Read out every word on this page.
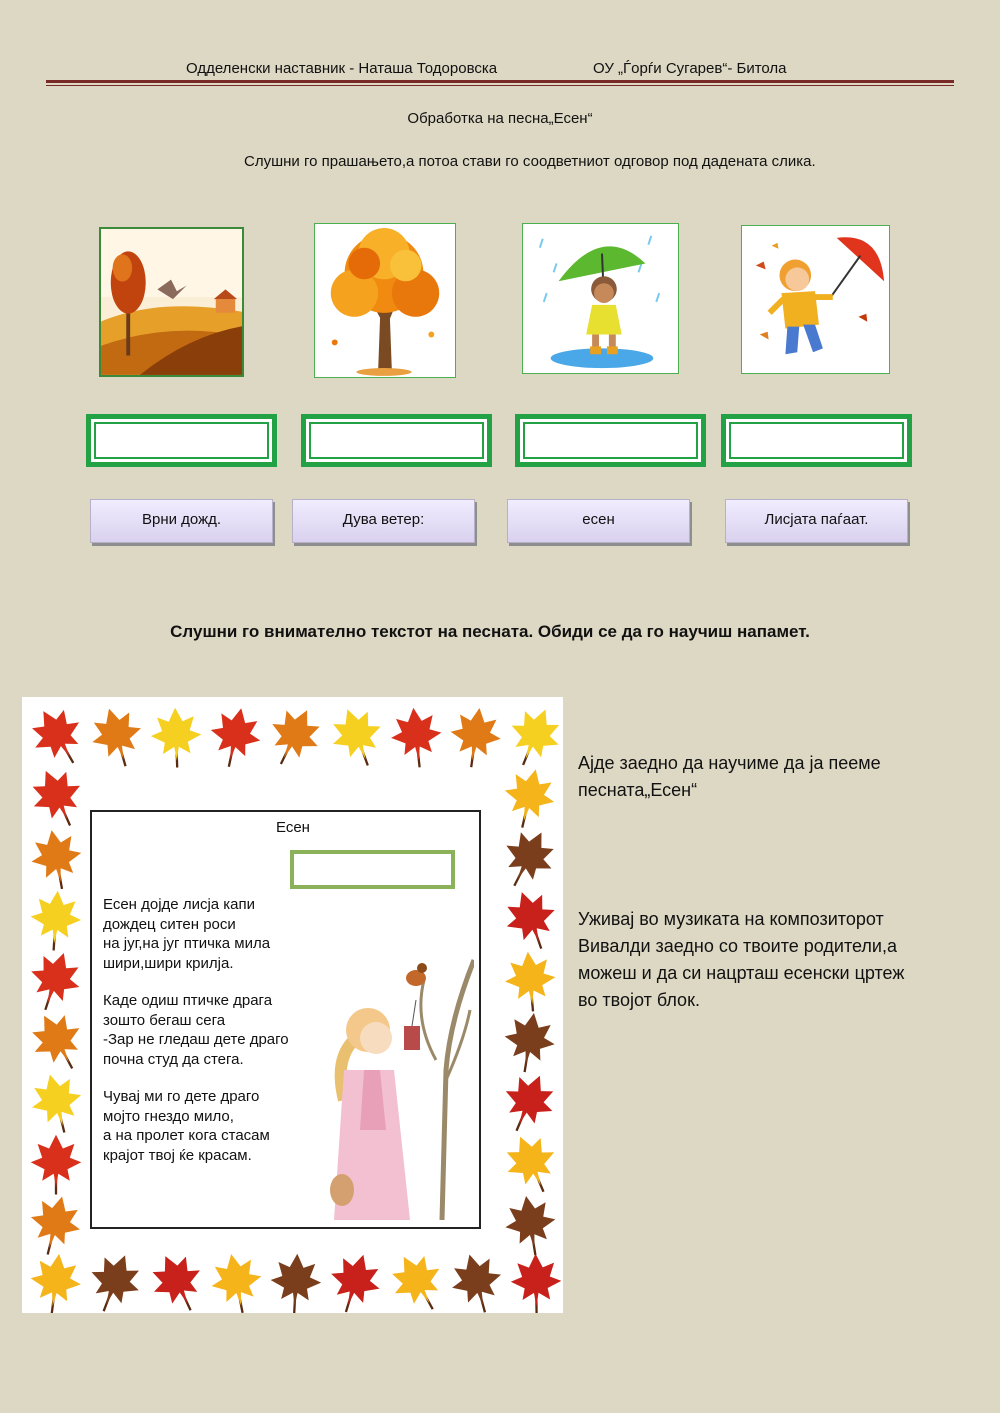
Одделенски наставник - Наташа Тодоровска	ОУ „Ѓорѓи Сугарев“- Битола
Обработка на песна„Есен“
Слушни го прашањето,а потоа стави го соодветниот одговор под дадената слика.
Врни дожд.	Дува ветер:	есен	Лисјата паѓаат.
Слушни го внимателно текстот на песната. Обиди се да го научиш напамет.
Есен
Есен дојде лисја капи
дождец ситен роси
на југ,на југ птичка мила
шири,шири крилја.
Каде одиш птичке драга
зошто бегаш сега
-Зар не гледаш дете драго
почна студ да стега.
Чувај ми го дете драго
мојто гнездо мило,
а на пролет кога стасам
крајот твој ќе красам.
Ајде заедно да научиме да ја пееме
песната„Есен“
Уживај во музиката на композиторот
Вивалди заедно со твоите родители,а
можеш и да си нацрташ есенски цртеж
во твојот блок.
